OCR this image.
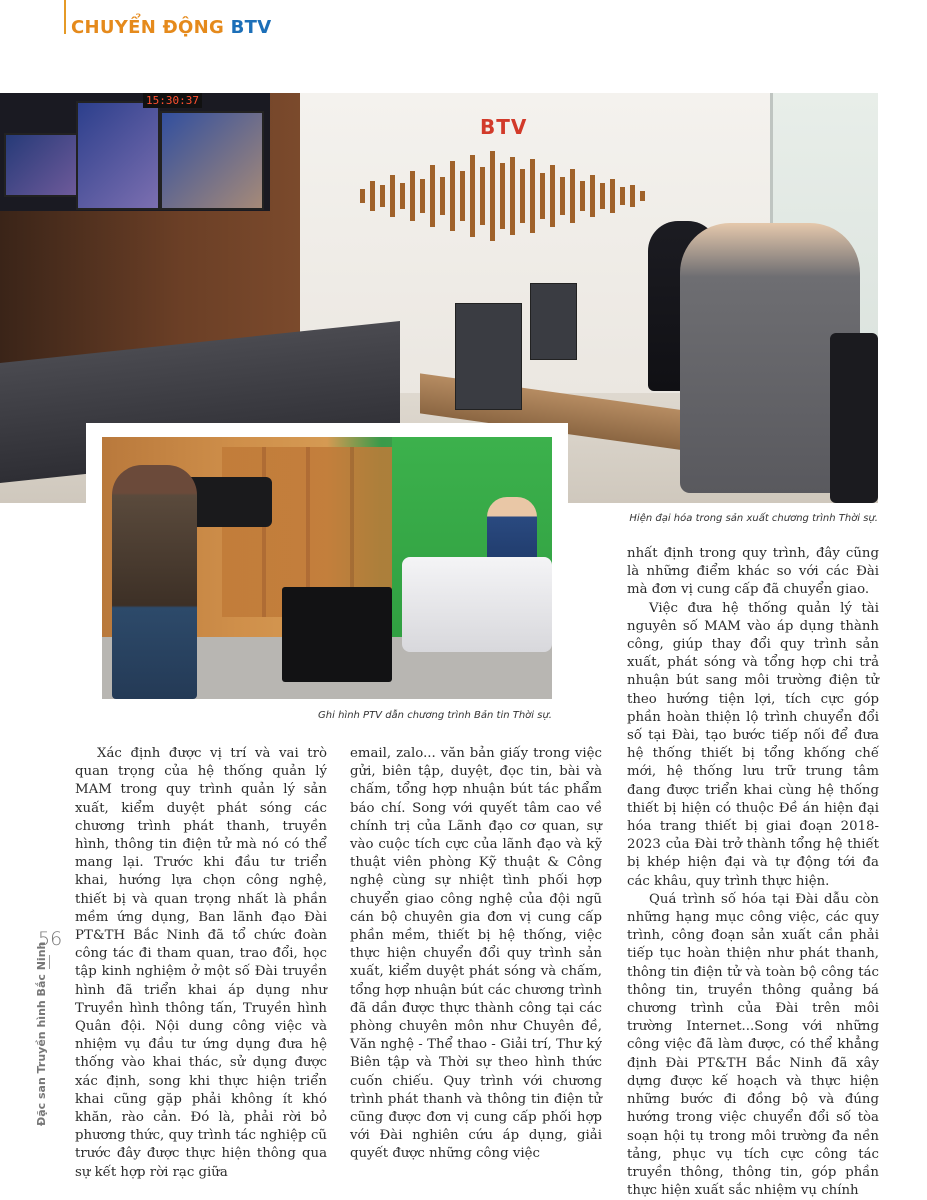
CHUYỂN ĐỘNG BTV
15:30:37
BTV
Hiện đại hóa trong sản xuất chương trình Thời sự.
Ghi hình PTV dẫn chương trình Bản tin Thời sự.

Xác định được vị trí và vai trò quan trọng của hệ thống quản lý MAM trong quy trình quản lý sản xuất, kiểm duyệt phát sóng các chương trình phát thanh, truyền hình, thông tin điện tử mà nó có thể mang lại. Trước khi đầu tư triển khai, hướng lựa chọn công nghệ, thiết bị và quan trọng nhất là phần mềm ứng dụng, Ban lãnh đạo Đài PT&TH Bắc Ninh đã tổ chức đoàn công tác đi tham quan, trao đổi, học tập kinh nghiệm ở một số Đài truyền hình đã triển khai áp dụng như Truyền hình thông tấn, Truyền hình Quân đội. Nội dung công việc và nhiệm vụ đầu tư ứng dụng đưa hệ thống vào khai thác, sử dụng được xác định, song khi thực hiện triển khai cũng gặp phải không ít khó khăn, rào cản. Đó là, phải rời bỏ phương thức, quy trình tác nghiệp cũ trước đây được thực hiện thông qua sự kết hợp rời rạc giữa

email, zalo... văn bản giấy trong việc gửi, biên tập, duyệt, đọc tin, bài và chấm, tổng hợp nhuận bút tác phẩm báo chí. Song với quyết tâm cao về chính trị của Lãnh đạo cơ quan, sự vào cuộc tích cực của lãnh đạo và kỹ thuật viên phòng Kỹ thuật & Công nghệ cùng sự nhiệt tình phối hợp chuyển giao công nghệ của đội ngũ cán bộ chuyên gia đơn vị cung cấp phần mềm, thiết bị hệ thống, việc thực hiện chuyển đổi quy trình sản xuất, kiểm duyệt phát sóng và chấm, tổng hợp nhuận bút các chương trình đã dần được thực thành công tại các phòng chuyên môn như Chuyên đề, Văn nghệ - Thể thao - Giải trí, Thư ký Biên tập và Thời sự theo hình thức cuốn chiếu. Quy trình với chương trình phát thanh và thông tin điện tử cũng được đơn vị cung cấp phối hợp với Đài nghiên cứu áp dụng, giải quyết được những công việc

nhất định trong quy trình, đây cũng là những điểm khác so với các Đài mà đơn vị cung cấp đã chuyển giao.

Việc đưa hệ thống quản lý tài nguyên số MAM vào áp dụng thành công, giúp thay đổi quy trình sản xuất, phát sóng và tổng hợp chi trả nhuận bút sang môi trường điện tử theo hướng tiện lợi, tích cực góp phần hoàn thiện lộ trình chuyển đổi số tại Đài, tạo bước tiếp nối để đưa hệ thống thiết bị tổng khống chế mới, hệ thống lưu trữ trung tâm đang được triển khai cùng hệ thống thiết bị hiện có thuộc Đề án hiện đại hóa trang thiết bị giai đoạn 2018-2023 của Đài trở thành tổng hệ thiết bị khép hiện đại và tự động tới đa các khâu, quy trình thực hiện.

Quá trình số hóa tại Đài dẫu còn những hạng mục công việc, các quy trình, công đoạn sản xuất cần phải tiếp tục hoàn thiện như phát thanh, thông tin điện tử và toàn bộ công tác thông tin, truyền thông quảng bá chương trình của Đài trên môi trường Internet...Song với những công việc đã làm được, có thể khẳng định Đài PT&TH Bắc Ninh đã xây dựng được kế hoạch và thực hiện những bước đi đồng bộ và đúng hướng trong việc chuyển đổi số tòa soạn hội tụ trong môi trường đa nền tảng, phục vụ tích cực công tác truyền thông, thông tin, góp phần thực hiện xuất sắc nhiệm vụ chính

56
Đặc san Truyền hình Bắc Ninh
